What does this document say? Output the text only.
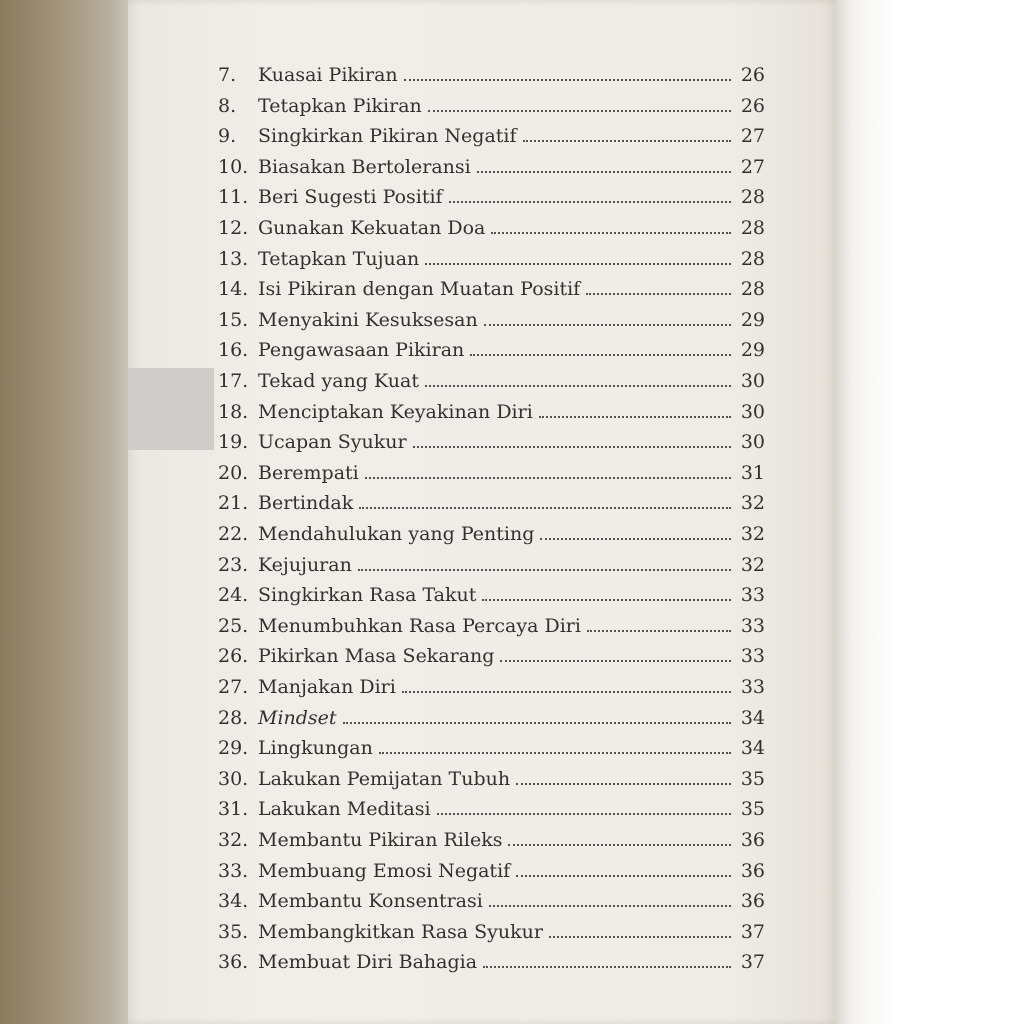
7.	Kuasai Pikiran	26
8.	Tetapkan Pikiran	26
9.	Singkirkan Pikiran Negatif	27
10. Biasakan Bertoleransi	27
11. Beri Sugesti Positif	28
12. Gunakan Kekuatan Doa	28
13. Tetapkan Tujuan	28
14. Isi Pikiran dengan Muatan Positif	28
15. Menyakini Kesuksesan	29
16. Pengawasaan Pikiran	29
17. Tekad yang Kuat	30
18. Menciptakan Keyakinan Diri	30
19. Ucapan Syukur	30
20. Berempati	31
21. Bertindak	32
22. Mendahulukan yang Penting	32
23. Kejujuran	32
24. Singkirkan Rasa Takut	33
25. Menumbuhkan Rasa Percaya Diri	33
26. Pikirkan Masa Sekarang	33
27. Manjakan Diri	33
28. Mindset	34
29. Lingkungan	34
30. Lakukan Pemijatan Tubuh	35
31. Lakukan Meditasi	35
32. Membantu Pikiran Rileks	36
33. Membuang Emosi Negatif	36
34. Membantu Konsentrasi	36
35. Membangkitkan Rasa Syukur	37
36. Membuat Diri Bahagia	37
